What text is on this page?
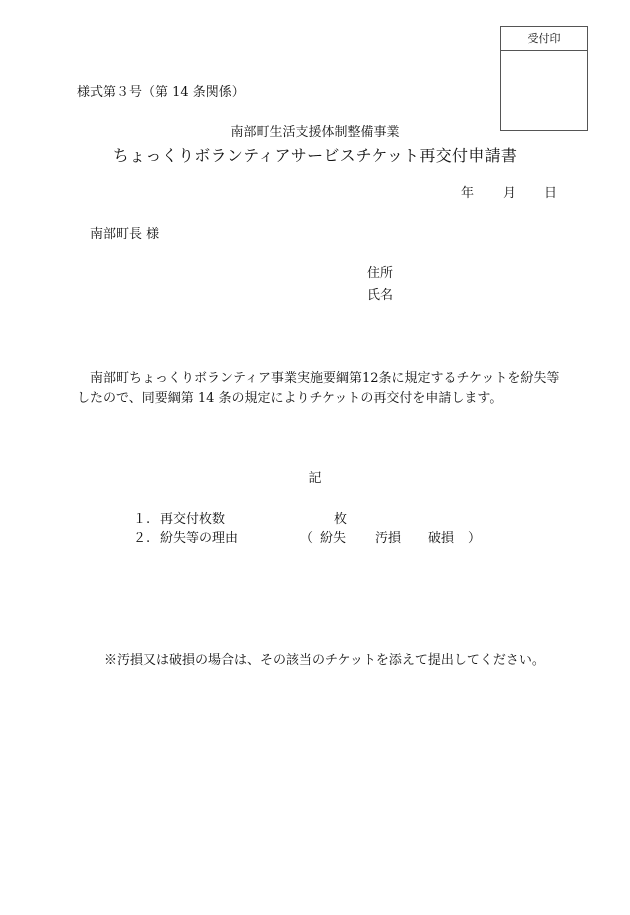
受付印
様式第３号（第 14 条関係）
南部町生活支援体制整備事業
ちょっくりボランティアサービスチケット再交付申請書
年 月 日
南部町長 様
住所
氏名
南部町ちょっくりボランティア事業実施要綱第12条に規定するチケットを紛失等したので、同要綱第 14 条の規定によりチケットの再交付を申請します。
記
１. 再交付枚数	枚
２. 紛失等の理由	（ 紛失 汚損 破損 ）
※汚損又は破損の場合は、その該当のチケットを添えて提出してください。
